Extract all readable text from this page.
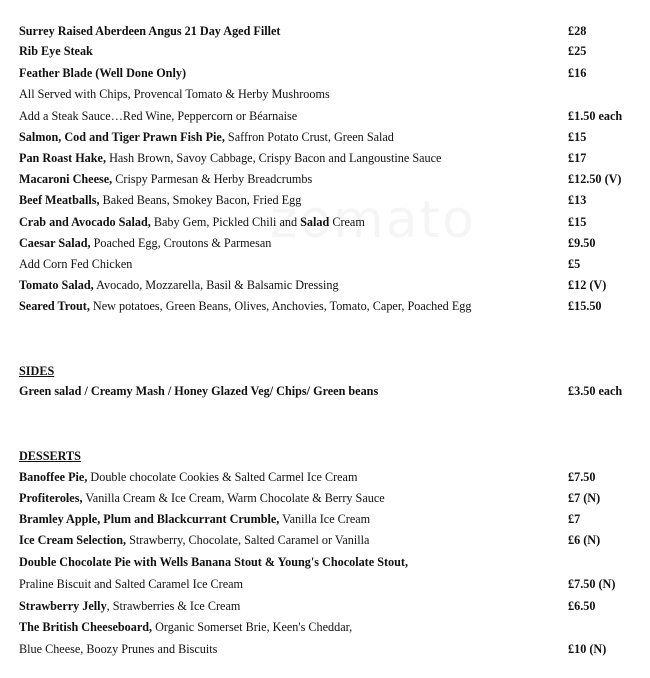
Surrey Raised Aberdeen Angus 21 Day Aged Fillet	£28
Rib Eye Steak	£25
Feather Blade (Well Done Only)	£16
All Served with Chips, Provencal Tomato & Herby Mushrooms
Add a Steak Sauce…Red Wine, Peppercorn or Béarnaise	£1.50 each
Salmon, Cod and Tiger Prawn Fish Pie, Saffron Potato Crust, Green Salad	£15
Pan Roast Hake, Hash Brown, Savoy Cabbage, Crispy Bacon and Langoustine Sauce	£17
Macaroni Cheese, Crispy Parmesan & Herby Breadcrumbs	£12.50 (V)
Beef Meatballs, Baked Beans, Smokey Bacon, Fried Egg	£13
Crab and Avocado Salad, Baby Gem, Pickled Chili and Salad Cream	£15
Caesar Salad, Poached Egg, Croutons & Parmesan	£9.50
Add Corn Fed Chicken	£5
Tomato Salad, Avocado, Mozzarella, Basil & Balsamic Dressing	£12 (V)
Seared Trout, New potatoes, Green Beans, Olives, Anchovies, Tomato, Caper, Poached Egg	£15.50
SIDES
Green salad / Creamy Mash / Honey Glazed Veg/ Chips/ Green beans	£3.50 each
DESSERTS
Banoffee Pie, Double chocolate Cookies & Salted Carmel Ice Cream	£7.50
Profiteroles, Vanilla Cream & Ice Cream, Warm Chocolate & Berry Sauce	£7 (N)
Bramley Apple, Plum and Blackcurrant Crumble, Vanilla Ice Cream	£7
Ice Cream Selection, Strawberry, Chocolate, Salted Caramel or Vanilla	£6 (N)
Double Chocolate Pie with Wells Banana Stout & Young's Chocolate Stout,
Praline Biscuit and Salted Caramel Ice Cream	£7.50 (N)
Strawberry Jelly, Strawberries & Ice Cream	£6.50
The British Cheeseboard, Organic Somerset Brie, Keen's Cheddar,
Blue Cheese, Boozy Prunes and Biscuits	£10 (N)
